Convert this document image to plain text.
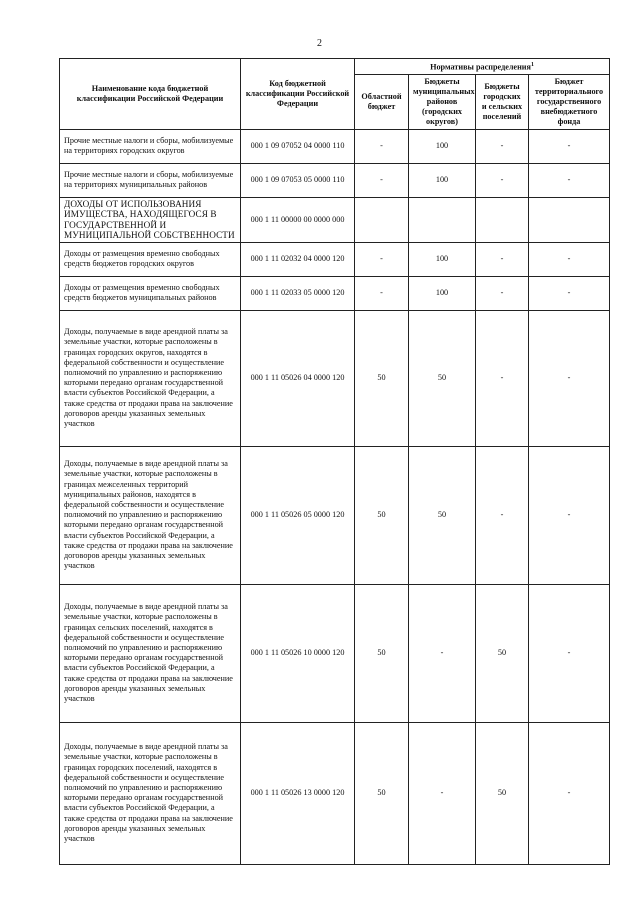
2
Наименование кода бюджетной классификации Российской Федерации	Код бюджетной классификации Российской Федерации	Нормативы распределения$^1$
		Областной бюджет	Бюджеты муниципальных районов (городских округов)	Бюджеты городских и сельских поселений	Бюджет территориального государственного внебюджетного фонда
Прочие местные налоги и сборы, мобилизуемые на территориях городских округов	000 1 09 07052 04 0000 110	-	100	-	-
Прочие местные налоги и сборы, мобилизуемые на территориях муниципальных районов	000 1 09 07053 05 0000 110	-	100	-	-
ДОХОДЫ ОТ ИСПОЛЬЗОВАНИЯ ИМУЩЕСТВА, НАХОДЯЩЕГОСЯ В ГОСУДАРСТВЕННОЙ И МУНИЦИПАЛЬНОЙ СОБСТВЕННОСТИ	000 1 11 00000 00 0000 000				
Доходы от размещения временно свободных средств бюджетов городских округов	000 1 11 02032 04 0000 120	-	100	-	-
Доходы от размещения временно свободных средств бюджетов муниципальных районов	000 1 11 02033 05 0000 120	-	100	-	-
Доходы, получаемые в виде арендной платы за земельные участки, которые расположены в границах городских округов, находятся в федеральной собственности и осуществление полномочий по управлению и распоряжению которыми передано органам государственной власти субъектов Российской Федерации, а также средства от продажи права на заключение договоров аренды указанных земельных участков	000 1 11 05026 04 0000 120	50	50	-	-
Доходы, получаемые в виде арендной платы за земельные участки, которые расположены в границах межселенных территорий муниципальных районов, находятся в федеральной собственности и осуществление полномочий по управлению и распоряжению которыми передано органам государственной власти субъектов Российской Федерации, а также средства от продажи права на заключение договоров аренды указанных земельных участков	000 1 11 05026 05 0000 120	50	50	-	-
Доходы, получаемые в виде арендной платы за земельные участки, которые расположены в границах сельских поселений, находятся в федеральной собственности и осуществление полномочий по управлению и распоряжению которыми передано органам государственной власти субъектов Российской Федерации, а также средства от продажи права на заключение договоров аренды указанных земельных участков	000 1 11 05026 10 0000 120	50	-	50	-
Доходы, получаемые в виде арендной платы за земельные участки, которые расположены в границах городских поселений, находятся в федеральной собственности и осуществление полномочий по управлению и распоряжению которыми передано органам государственной власти субъектов Российской Федерации, а также средства от продажи права на заключение договоров аренды указанных земельных участков	000 1 11 05026 13 0000 120	50	-	50	-
